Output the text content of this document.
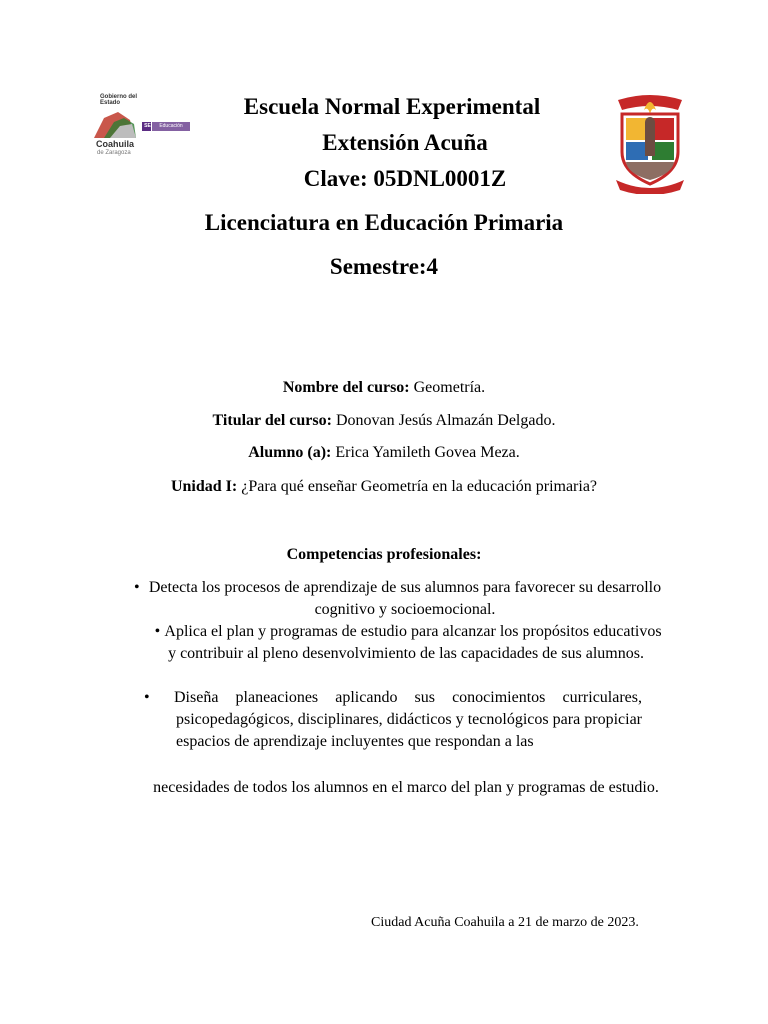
Gobierno del
Estado
SE	Educación
Coahuila
de Zaragoza
Escuela Normal Experimental
Extensión Acuña
Clave: 05DNL0001Z
Licenciatura en Educación Primaria
Semestre:4
Nombre del curso: Geometría.
Titular del curso: Donovan Jesús Almazán Delgado.
Alumno (a): Erica Yamileth Govea Meza.
Unidad I: ¿Para qué enseñar Geometría en la educación primaria?
Competencias profesionales:
• Detecta los procesos de aprendizaje de sus alumnos para favorecer su desarrollo cognitivo y socioemocional.
• Aplica el plan y programas de estudio para alcanzar los propósitos educativos y contribuir al pleno desenvolvimiento de las capacidades de sus alumnos.
• Diseña planeaciones aplicando sus conocimientos curriculares, psicopedagógicos, disciplinares, didácticos y tecnológicos para propiciar espacios de aprendizaje incluyentes que respondan a las
necesidades de todos los alumnos en el marco del plan y programas de estudio.
Ciudad Acuña Coahuila a 21 de marzo de 2023.
